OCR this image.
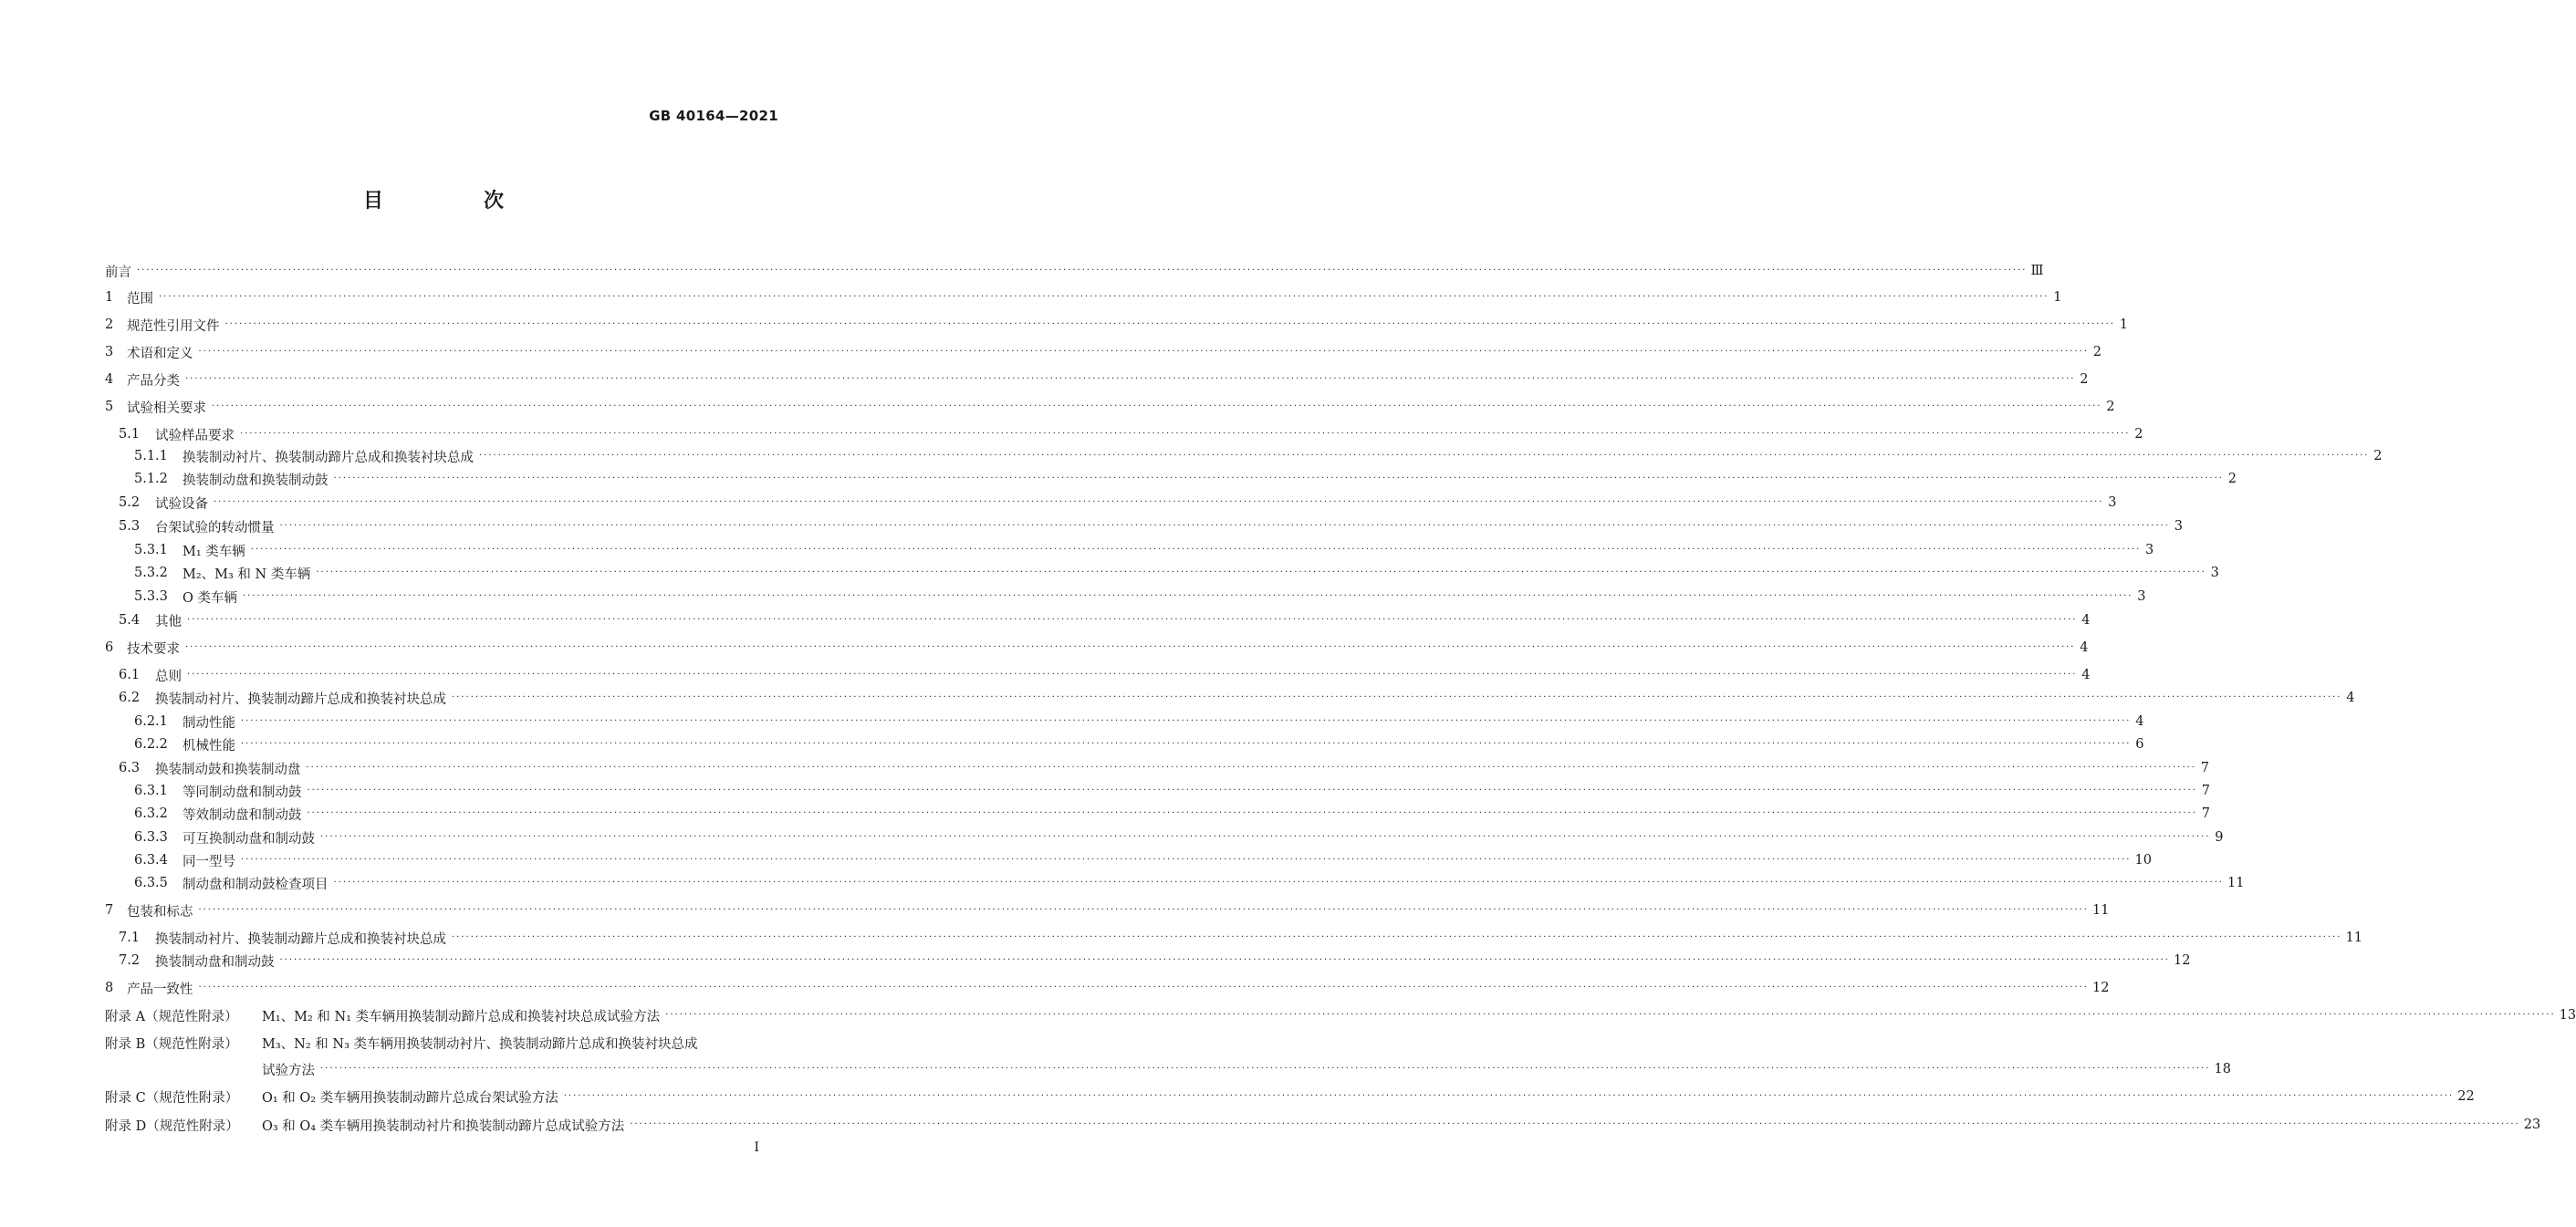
GB 40164—2021
目　次
前言 ················································································································································································································································································································································································································ Ⅲ
1	范围 ················································································································································································································································································································································································································ 1
2	规范性引用文件 ················································································································································································································································································································································································································ 1
3	术语和定义 ················································································································································································································································································································································································································ 2
4	产品分类 ················································································································································································································································································································································································································ 2
5	试验相关要求 ················································································································································································································································································································································································································ 2
5.1	试验样品要求 ················································································································································································································································································································································································································ 2
5.1.1	换装制动衬片、换装制动蹄片总成和换装衬块总成 ················································································································································································································································································································································································································ 2
5.1.2	换装制动盘和换装制动鼓 ················································································································································································································································································································································································································ 2
5.2	试验设备 ················································································································································································································································································································································································································ 3
5.3	台架试验的转动惯量 ················································································································································································································································································································································································································ 3
5.3.1	M₁ 类车辆 ················································································································································································································································································································································································································ 3
5.3.2	M₂、M₃ 和 N 类车辆 ················································································································································································································································································································································································································ 3
5.3.3	O 类车辆 ················································································································································································································································································································································································································ 3
5.4	其他 ················································································································································································································································································································································································································ 4
6	技术要求 ················································································································································································································································································································································································································ 4
6.1	总则 ················································································································································································································································································································································································································ 4
6.2	换装制动衬片、换装制动蹄片总成和换装衬块总成 ················································································································································································································································································································································································································ 4
6.2.1	制动性能 ················································································································································································································································································································································································································ 4
6.2.2	机械性能 ················································································································································································································································································································································································································ 6
6.3	换装制动鼓和换装制动盘 ················································································································································································································································································································································································································ 7
6.3.1	等同制动盘和制动鼓 ················································································································································································································································································································································································································ 7
6.3.2	等效制动盘和制动鼓 ················································································································································································································································································································································································································ 7
6.3.3	可互换制动盘和制动鼓 ················································································································································································································································································································································································································ 9
6.3.4	同一型号 ················································································································································································································································································································································································································ 10
6.3.5	制动盘和制动鼓检查项目 ················································································································································································································································································································································································································ 11
7	包装和标志 ················································································································································································································································································································································································································ 11
7.1	换装制动衬片、换装制动蹄片总成和换装衬块总成 ················································································································································································································································································································································································································ 11
7.2	换装制动盘和制动鼓 ················································································································································································································································································································································································································ 12
8	产品一致性 ················································································································································································································································································································································································································ 12
附录 A（规范性附录）	M₁、M₂ 和 N₁ 类车辆用换装制动蹄片总成和换装衬块总成试验方法 ················································································································································································································································································································································································································ 13
附录 B（规范性附录）	M₃、N₂ 和 N₃ 类车辆用换装制动衬片、换装制动蹄片总成和换装衬块总成
试验方法 ················································································································································································································································································································································································································ 18
附录 C（规范性附录）	O₁ 和 O₂ 类车辆用换装制动蹄片总成台架试验方法 ················································································································································································································································································································································································································ 22
附录 D（规范性附录）	O₃ 和 O₄ 类车辆用换装制动衬片和换装制动蹄片总成试验方法 ················································································································································································································································································································································································································ 23
I
